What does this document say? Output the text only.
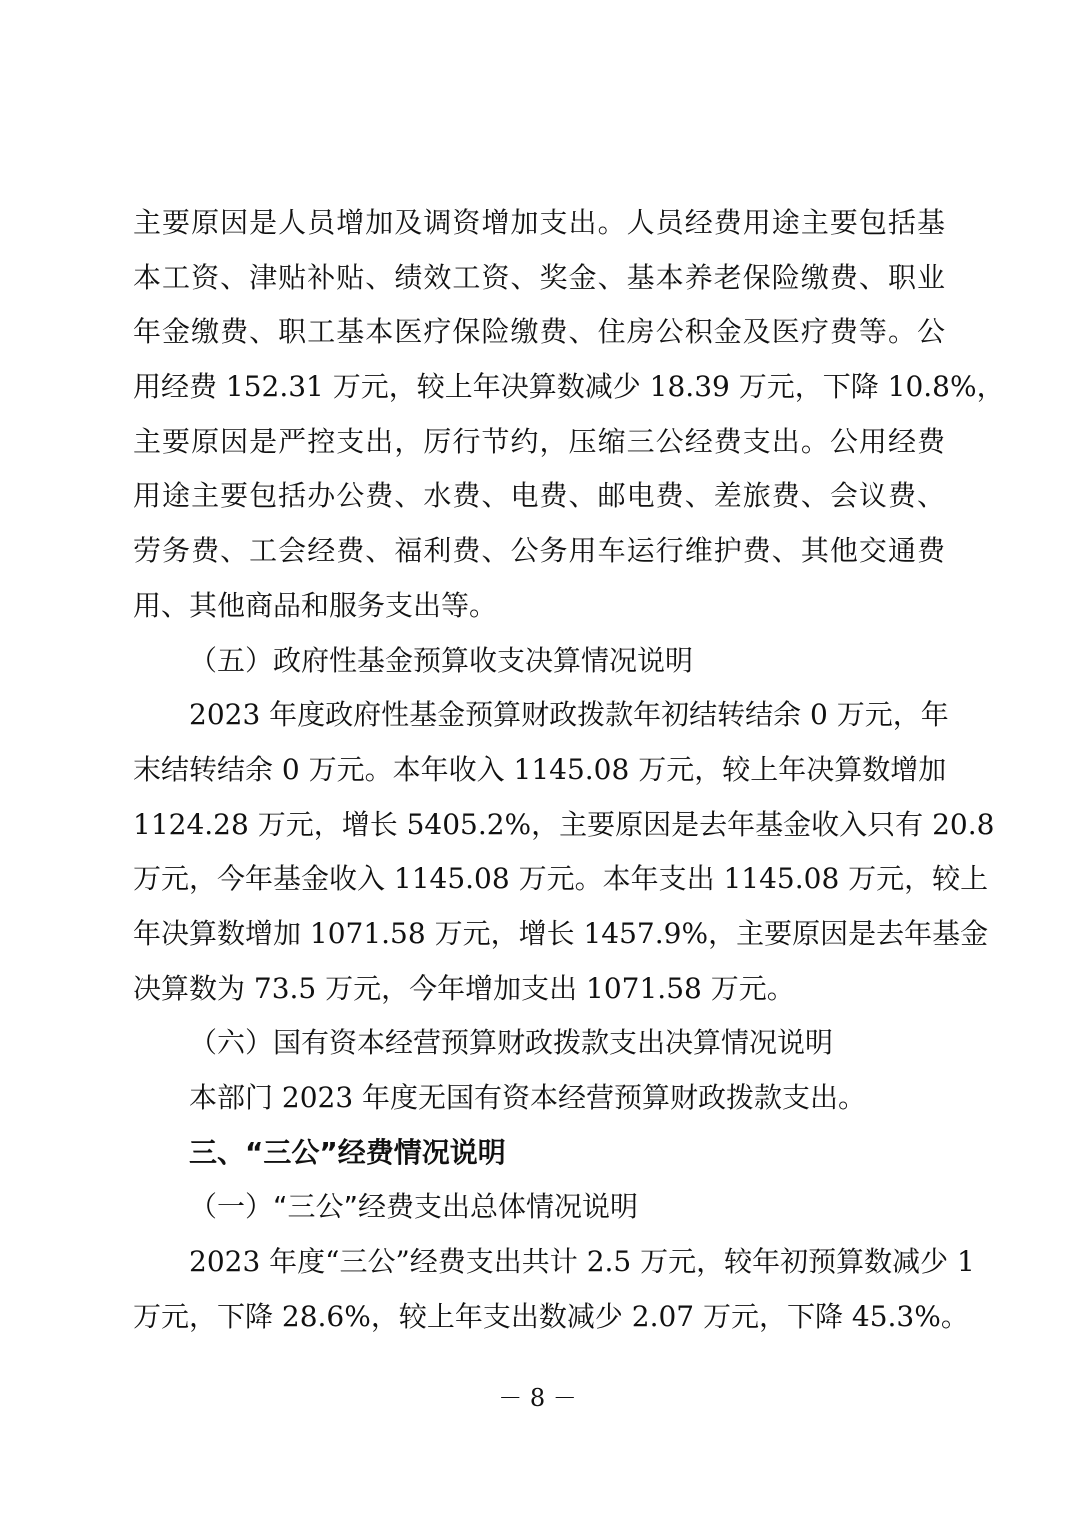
主要原因是人员增加及调资增加支出。人员经费用途主要包括基
本工资、津贴补贴、绩效工资、奖金、基本养老保险缴费、职业
年金缴费、职工基本医疗保险缴费、住房公积金及医疗费等。公
用经费 152.31 万元，较上年决算数减少 18.39 万元，下降 10.8%，
主要原因是严控支出，厉行节约，压缩三公经费支出。公用经费
用途主要包括办公费、水费、电费、邮电费、差旅费、会议费、
劳务费、工会经费、福利费、公务用车运行维护费、其他交通费
用、其他商品和服务支出等。
（五）政府性基金预算收支决算情况说明
2023 年度政府性基金预算财政拨款年初结转结余 0 万元，年
末结转结余 0 万元。本年收入 1145.08 万元，较上年决算数增加
1124.28 万元，增长 5405.2%，主要原因是去年基金收入只有 20.8
万元，今年基金收入 1145.08 万元。本年支出 1145.08 万元，较上
年决算数增加 1071.58 万元，增长 1457.9%，主要原因是去年基金
决算数为 73.5 万元，今年增加支出 1071.58 万元。
（六）国有资本经营预算财政拨款支出决算情况说明
本部门 2023 年度无国有资本经营预算财政拨款支出。
三、“三公”经费情况说明
（一）“三公”经费支出总体情况说明
2023 年度“三公”经费支出共计 2.5 万元，较年初预算数减少 1
万元，下降 28.6%，较上年支出数减少 2.07 万元，下降 45.3%。
－ 8 －
